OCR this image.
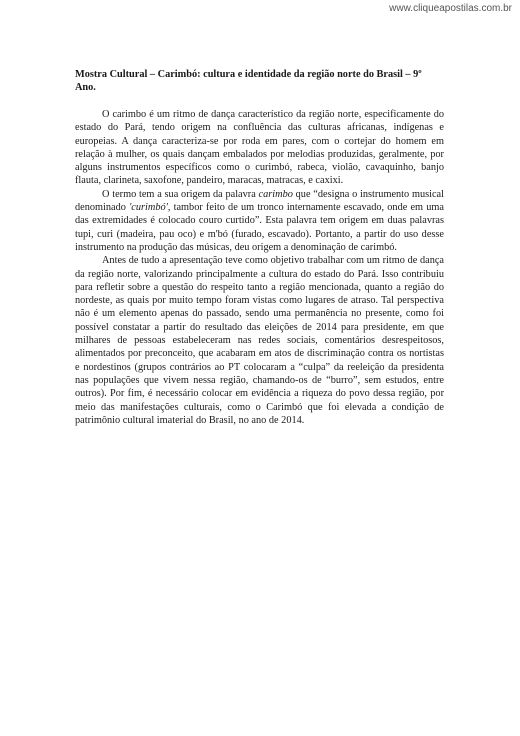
www.cliqueapostilas.com.br

Mostra Cultural – Carimbó: cultura e identidade da região norte do Brasil – 9º Ano.

O carimbo é um ritmo de dança característico da região norte, especificamente do estado do Pará, tendo origem na confluência das culturas africanas, indígenas e europeias. A dança caracteriza-se por roda em pares, com o cortejar do homem em relação à mulher, os quais dançam embalados por melodias produzidas, geralmente, por alguns instrumentos específicos como o curimbó, rabeca, violão, cavaquinho, banjo flauta, clarineta, saxofone, pandeiro, maracas, matracas, e caxixi.

O termo tem a sua origem da palavra carimbo que “designa o instrumento musical denominado 'curimbó', tambor feito de um tronco internamente escavado, onde em uma das extremidades é colocado couro curtido”. Esta palavra tem origem em duas palavras tupi, curi (madeira, pau oco) e m'bó (furado, escavado). Portanto, a partir do uso desse instrumento na produção das músicas, deu origem a denominação de carimbó.

Antes de tudo a apresentação teve como objetivo trabalhar com um ritmo de dança da região norte, valorizando principalmente a cultura do estado do Pará. Isso contribuiu para refletir sobre a questão do respeito tanto a região mencionada, quanto a região do nordeste, as quais por muito tempo foram vistas como lugares de atraso. Tal perspectiva não é um elemento apenas do passado, sendo uma permanência no presente, como foi possível constatar a partir do resultado das eleições de 2014 para presidente, em que milhares de pessoas estabeleceram nas redes sociais, comentários desrespeitosos, alimentados por preconceito, que acabaram em atos de discriminação contra os nortistas e nordestinos (grupos contrários ao PT colocaram a “culpa” da reeleição da presidenta nas populações que vivem nessa região, chamando-os de “burro”, sem estudos, entre outros). Por fim, é necessário colocar em evidência a riqueza do povo dessa região, por meio das manifestações culturais, como o Carimbó que foi elevada a condição de patrimônio cultural imaterial do Brasil, no ano de 2014.
